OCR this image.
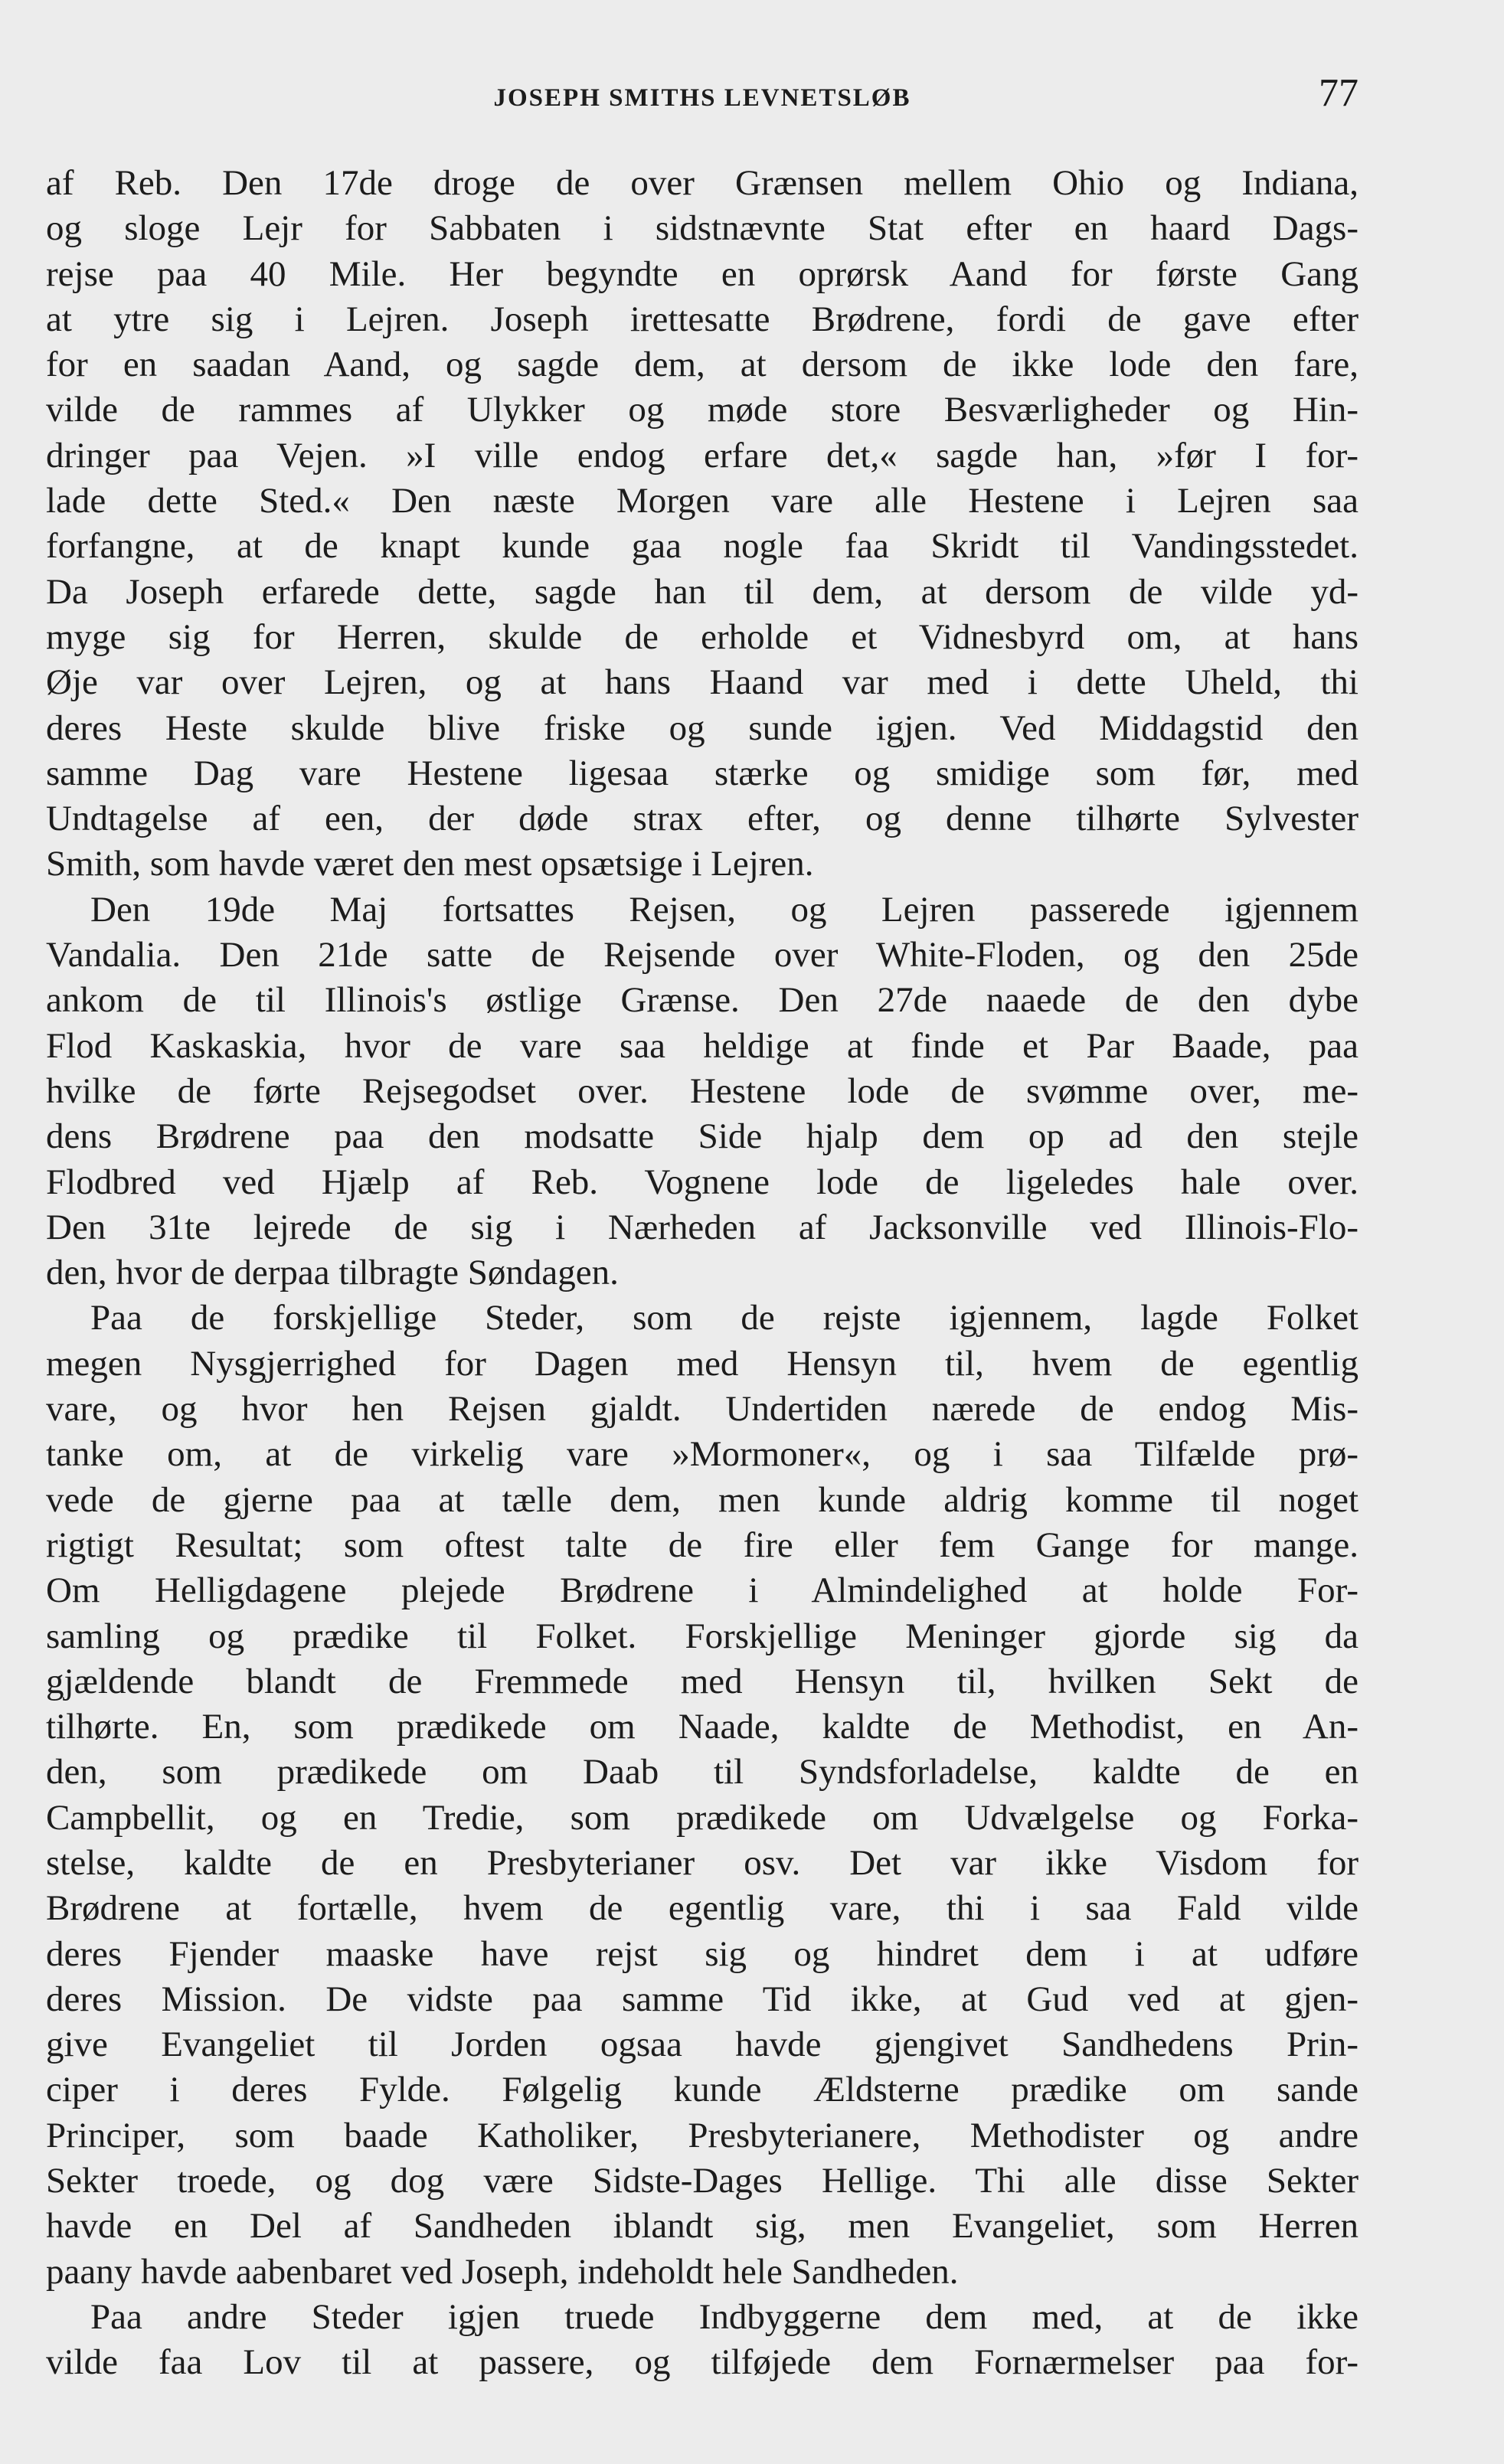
JOSEPH SMITHS LEVNETSLØB	77
af Reb. Den 17de droge de over Grænsen mellem Ohio og Indiana,
og sloge Lejr for Sabbaten i sidstnævnte Stat efter en haard Dags-
rejse paa 40 Mile. Her begyndte en oprørsk Aand for første Gang
at ytre sig i Lejren. Joseph irettesatte Brødrene, fordi de gave efter
for en saadan Aand, og sagde dem, at dersom de ikke lode den fare,
vilde de rammes af Ulykker og møde store Besværligheder og Hin-
dringer paa Vejen. »I ville endog erfare det,« sagde han, »før I for-
lade dette Sted.« Den næste Morgen vare alle Hestene i Lejren saa
forfangne, at de knapt kunde gaa nogle faa Skridt til Vandingsstedet.
Da Joseph erfarede dette, sagde han til dem, at dersom de vilde yd-
myge sig for Herren, skulde de erholde et Vidnesbyrd om, at hans
Øje var over Lejren, og at hans Haand var med i dette Uheld, thi
deres Heste skulde blive friske og sunde igjen. Ved Middagstid den
samme Dag vare Hestene ligesaa stærke og smidige som før, med
Undtagelse af een, der døde strax efter, og denne tilhørte Sylvester
Smith, som havde været den mest opsætsige i Lejren.
Den 19de Maj fortsattes Rejsen, og Lejren passerede igjennem
Vandalia. Den 21de satte de Rejsende over White-Floden, og den 25de
ankom de til Illinois's østlige Grænse. Den 27de naaede de den dybe
Flod Kaskaskia, hvor de vare saa heldige at finde et Par Baade, paa
hvilke de førte Rejsegodset over. Hestene lode de svømme over, me-
dens Brødrene paa den modsatte Side hjalp dem op ad den stejle
Flodbred ved Hjælp af Reb. Vognene lode de ligeledes hale over.
Den 31te lejrede de sig i Nærheden af Jacksonville ved Illinois-Flo-
den, hvor de derpaa tilbragte Søndagen.
Paa de forskjellige Steder, som de rejste igjennem, lagde Folket
megen Nysgjerrighed for Dagen med Hensyn til, hvem de egentlig
vare, og hvor hen Rejsen gjaldt. Undertiden nærede de endog Mis-
tanke om, at de virkelig vare »Mormoner«, og i saa Tilfælde prø-
vede de gjerne paa at tælle dem, men kunde aldrig komme til noget
rigtigt Resultat; som oftest talte de fire eller fem Gange for mange.
Om Helligdagene plejede Brødrene i Almindelighed at holde For-
samling og prædike til Folket. Forskjellige Meninger gjorde sig da
gjældende blandt de Fremmede med Hensyn til, hvilken Sekt de
tilhørte. En, som prædikede om Naade, kaldte de Methodist, en An-
den, som prædikede om Daab til Syndsforladelse, kaldte de en
Campbellit, og en Tredie, som prædikede om Udvælgelse og Forka-
stelse, kaldte de en Presbyterianer osv. Det var ikke Visdom for
Brødrene at fortælle, hvem de egentlig vare, thi i saa Fald vilde
deres Fjender maaske have rejst sig og hindret dem i at udføre
deres Mission. De vidste paa samme Tid ikke, at Gud ved at gjen-
give Evangeliet til Jorden ogsaa havde gjengivet Sandhedens Prin-
ciper i deres Fylde. Følgelig kunde Ældsterne prædike om sande
Principer, som baade Katholiker, Presbyterianere, Methodister og andre
Sekter troede, og dog være Sidste-Dages Hellige. Thi alle disse Sekter
havde en Del af Sandheden iblandt sig, men Evangeliet, som Herren
paany havde aabenbaret ved Joseph, indeholdt hele Sandheden.
Paa andre Steder igjen truede Indbyggerne dem med, at de ikke
vilde faa Lov til at passere, og tilføjede dem Fornærmelser paa for-
